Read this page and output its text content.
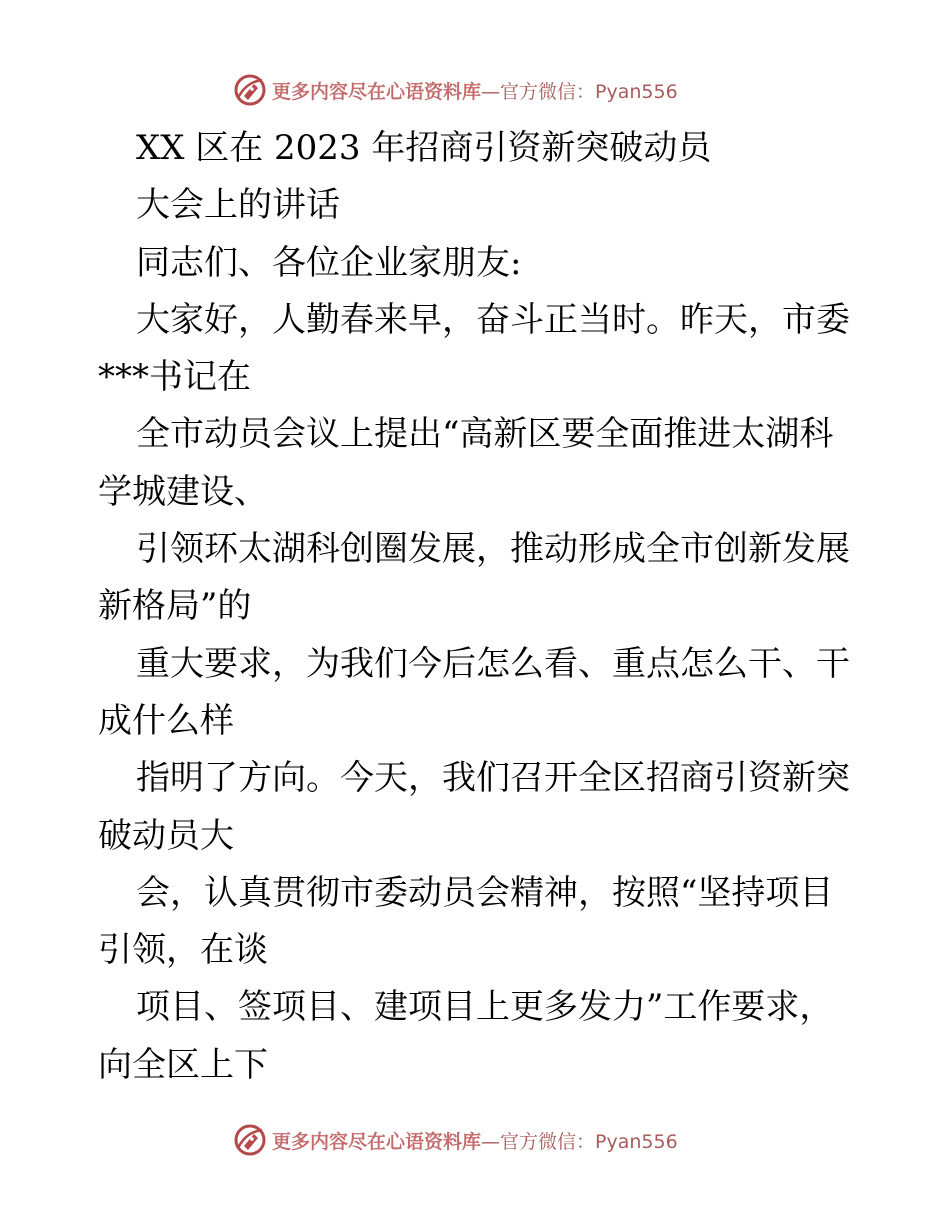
更多内容尽在心语资料库 —官方微信：Pyan556
XX 区在 2023 年招商引资新突破动员
大会上的讲话
同志们、各位企业家朋友:
大家好，人勤春来早，奋斗正当时。昨天，市委
***书记在
全市动员会议上提出“高新区要全面推进太湖科
学城建设、
引领环太湖科创圈发展，推动形成全市创新发展
新格局”的
重大要求，为我们今后怎么看、重点怎么干、干
成什么样
指明了方向。今天，我们召开全区招商引资新突
破动员大
会，认真贯彻市委动员会精神，按照“坚持项目
引领，在谈
项目、签项目、建项目上更多发力”工作要求，
向全区上下
更多内容尽在心语资料库 —官方微信：Pyan556
